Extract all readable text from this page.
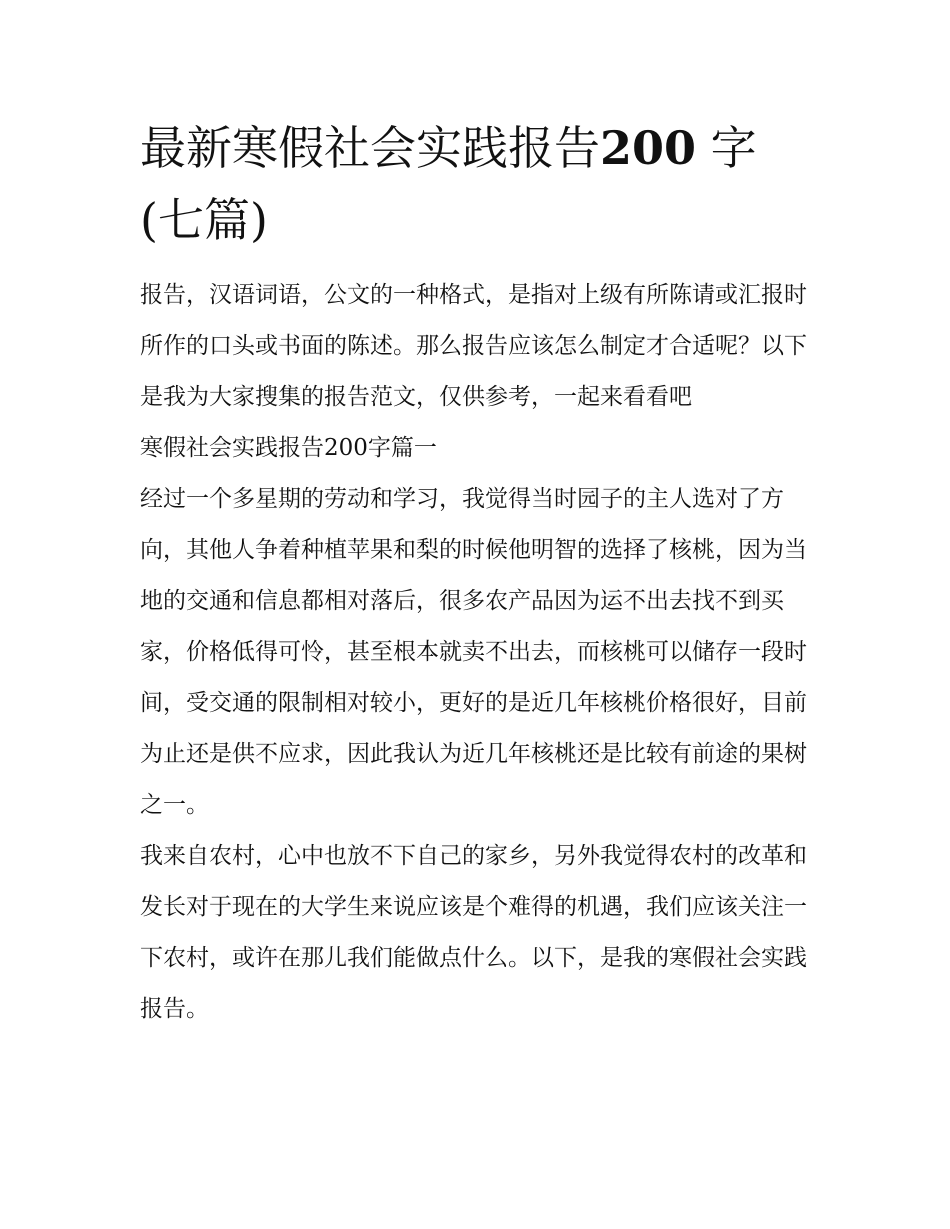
最新寒假社会实践报告200 字
(七篇)

报告，汉语词语，公文的一种格式，是指对上级有所陈请或汇报时所作的口头或书面的陈述。那么报告应该怎么制定才合适呢？以下是我为大家搜集的报告范文，仅供参考，一起来看看吧

寒假社会实践报告200字篇一

经过一个多星期的劳动和学习，我觉得当时园子的主人选对了方向，其他人争着种植苹果和梨的时候他明智的选择了核桃，因为当地的交通和信息都相对落后，很多农产品因为运不出去找不到买家，价格低得可怜，甚至根本就卖不出去，而核桃可以储存一段时间，受交通的限制相对较小，更好的是近几年核桃价格很好，目前为止还是供不应求，因此我认为近几年核桃还是比较有前途的果树之一。

我来自农村，心中也放不下自己的家乡，另外我觉得农村的改革和发长对于现在的大学生来说应该是个难得的机遇，我们应该关注一下农村，或许在那儿我们能做点什么。以下，是我的寒假社会实践报告。
